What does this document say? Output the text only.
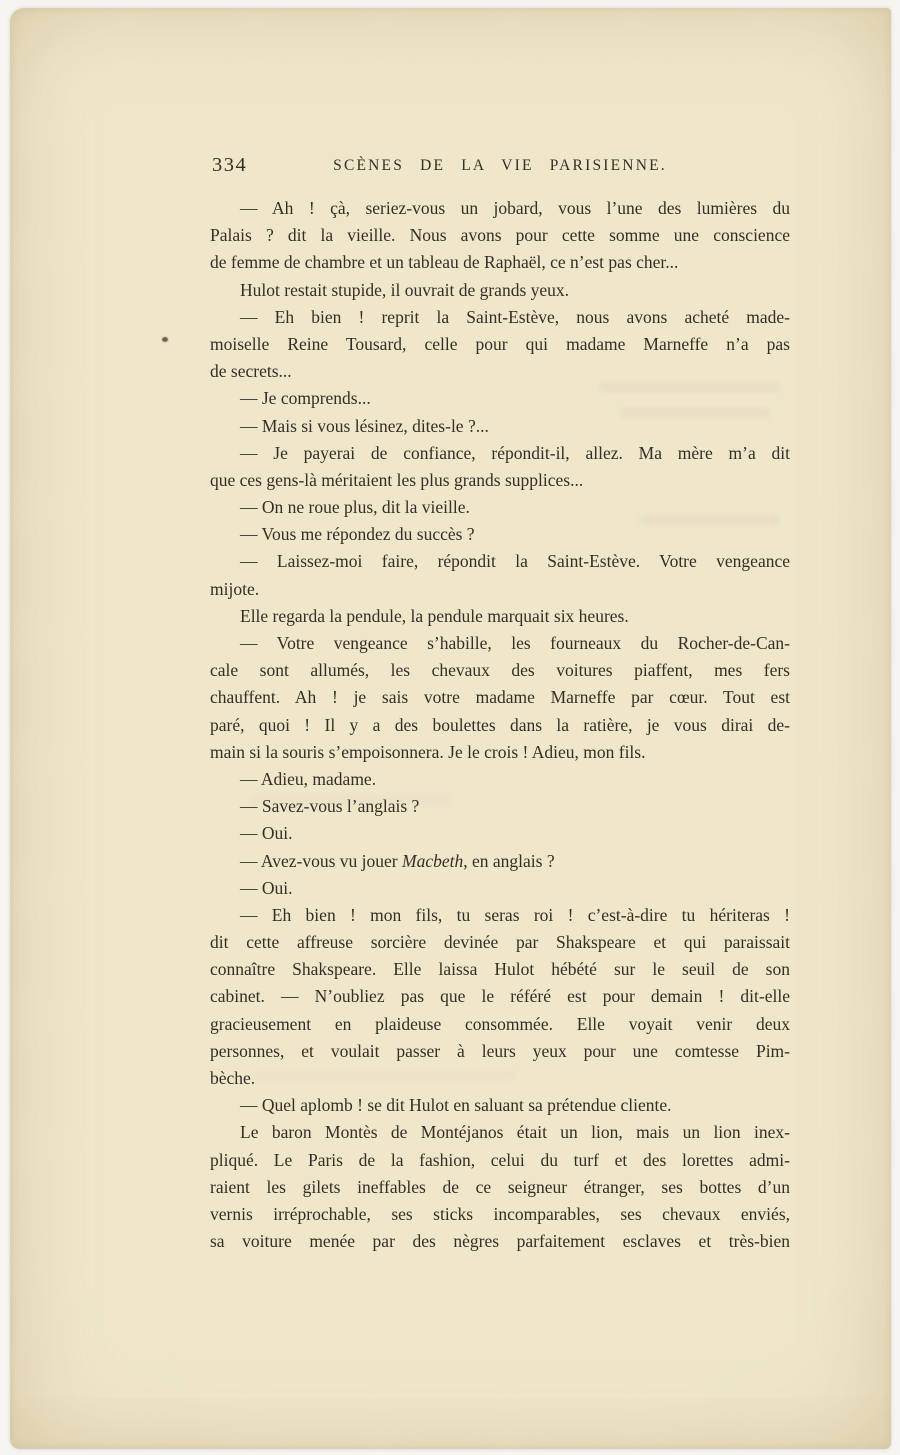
334	SCÈNES DE LA VIE PARISIENNE.
— Ah ! çà, seriez-vous un jobard, vous l’une des lumières du
Palais ? dit la vieille. Nous avons pour cette somme une conscience
de femme de chambre et un tableau de Raphaël, ce n’est pas cher...
Hulot restait stupide, il ouvrait de grands yeux.
— Eh bien ! reprit la Saint-Estève, nous avons acheté made-
moiselle Reine Tousard, celle pour qui madame Marneffe n’a pas
de secrets...
— Je comprends...
— Mais si vous lésinez, dites-le ?...
— Je payerai de confiance, répondit-il, allez. Ma mère m’a dit
que ces gens-là méritaient les plus grands supplices...
— On ne roue plus, dit la vieille.
— Vous me répondez du succès ?
— Laissez-moi faire, répondit la Saint-Estève. Votre vengeance
mijote.
Elle regarda la pendule, la pendule marquait six heures.
— Votre vengeance s’habille, les fourneaux du Rocher-de-Can-
cale sont allumés, les chevaux des voitures piaffent, mes fers
chauffent. Ah ! je sais votre madame Marneffe par cœur. Tout est
paré, quoi ! Il y a des boulettes dans la ratière, je vous dirai de-
main si la souris s’empoisonnera. Je le crois ! Adieu, mon fils.
— Adieu, madame.
— Savez-vous l’anglais ?
— Oui.
— Avez-vous vu jouer Macbeth, en anglais ?
— Oui.
— Eh bien ! mon fils, tu seras roi ! c’est-à-dire tu hériteras !
dit cette affreuse sorcière devinée par Shakspeare et qui paraissait
connaître Shakspeare. Elle laissa Hulot hébété sur le seuil de son
cabinet. — N’oubliez pas que le référé est pour demain ! dit-elle
gracieusement en plaideuse consommée. Elle voyait venir deux
personnes, et voulait passer à leurs yeux pour une comtesse Pim-
bèche.
— Quel aplomb ! se dit Hulot en saluant sa prétendue cliente.
Le baron Montès de Montéjanos était un lion, mais un lion inex-
pliqué. Le Paris de la fashion, celui du turf et des lorettes admi-
raient les gilets ineffables de ce seigneur étranger, ses bottes d’un
vernis irréprochable, ses sticks incomparables, ses chevaux enviés,
sa voiture menée par des nègres parfaitement esclaves et très-bien
